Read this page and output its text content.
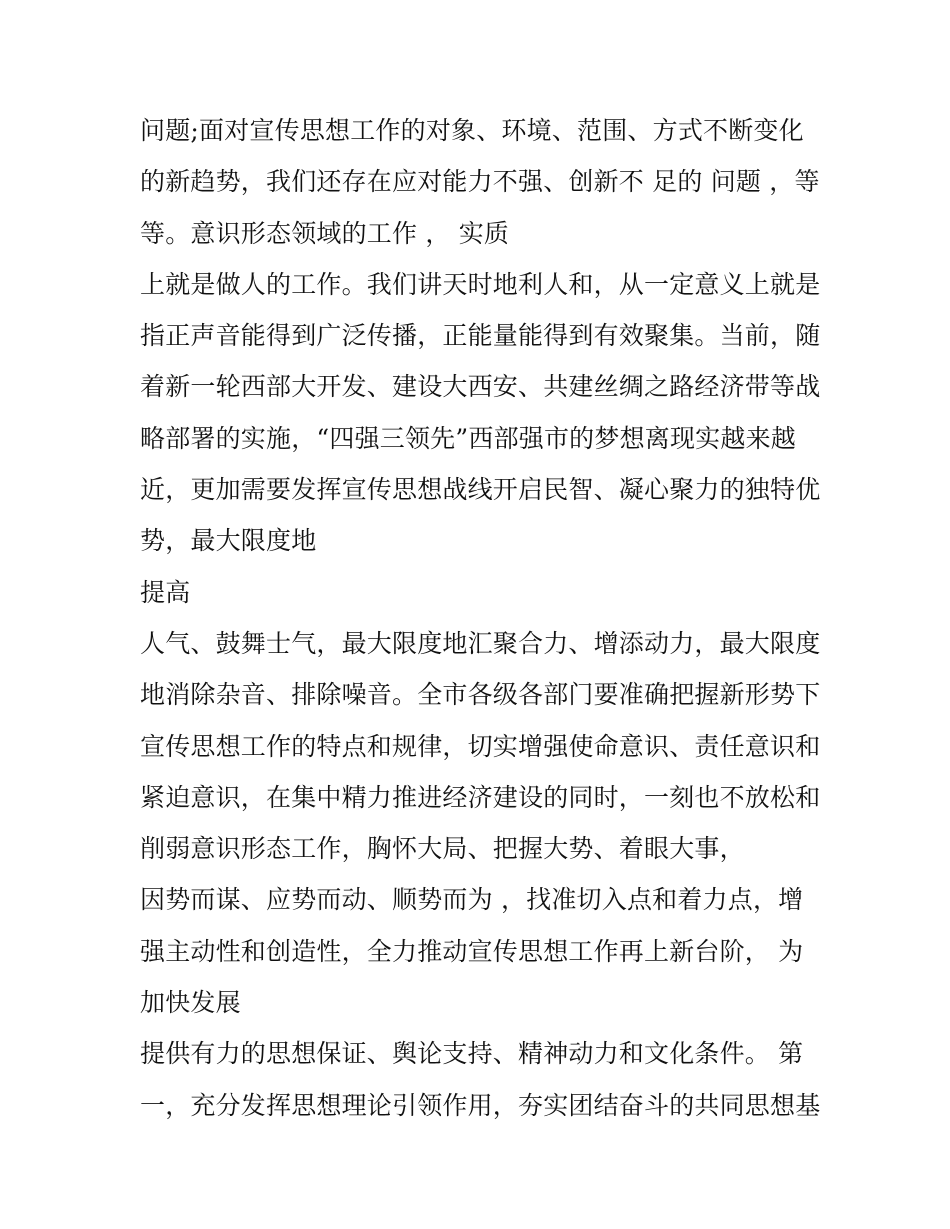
问题;面对宣传思想工作的对象、环境、范围、方式不断变化
的新趋势，我们还存在应对能力不强、创新不 足的 问题 ，等
等。意识形态领域的工作 ， 实质
上就是做人的工作。我们讲天时地利人和，从一定意义上就是
指正声音能得到广泛传播，正能量能得到有效聚集。当前，随
着新一轮西部大开发、建设大西安、共建丝绸之路经济带等战
略部署的实施，“四强三领先”西部强市的梦想离现实越来越
近，更加需要发挥宣传思想战线开启民智、凝心聚力的独特优
势，最大限度地
提高
人气、鼓舞士气，最大限度地汇聚合力、增添动力，最大限度
地消除杂音、排除噪音。全市各级各部门要准确把握新形势下
宣传思想工作的特点和规律，切实增强使命意识、责任意识和
紧迫意识，在集中精力推进经济建设的同时，一刻也不放松和
削弱意识形态工作，胸怀大局、把握大势、着眼大事，
因势而谋、应势而动、顺势而为 ，找准切入点和着力点，增
强主动性和创造性，全力推动宣传思想工作再上新台阶， 为
加快发展
提供有力的思想保证、舆论支持、精神动力和文化条件。 第
一，充分发挥思想理论引领作用，夯实团结奋斗的共同思想基
